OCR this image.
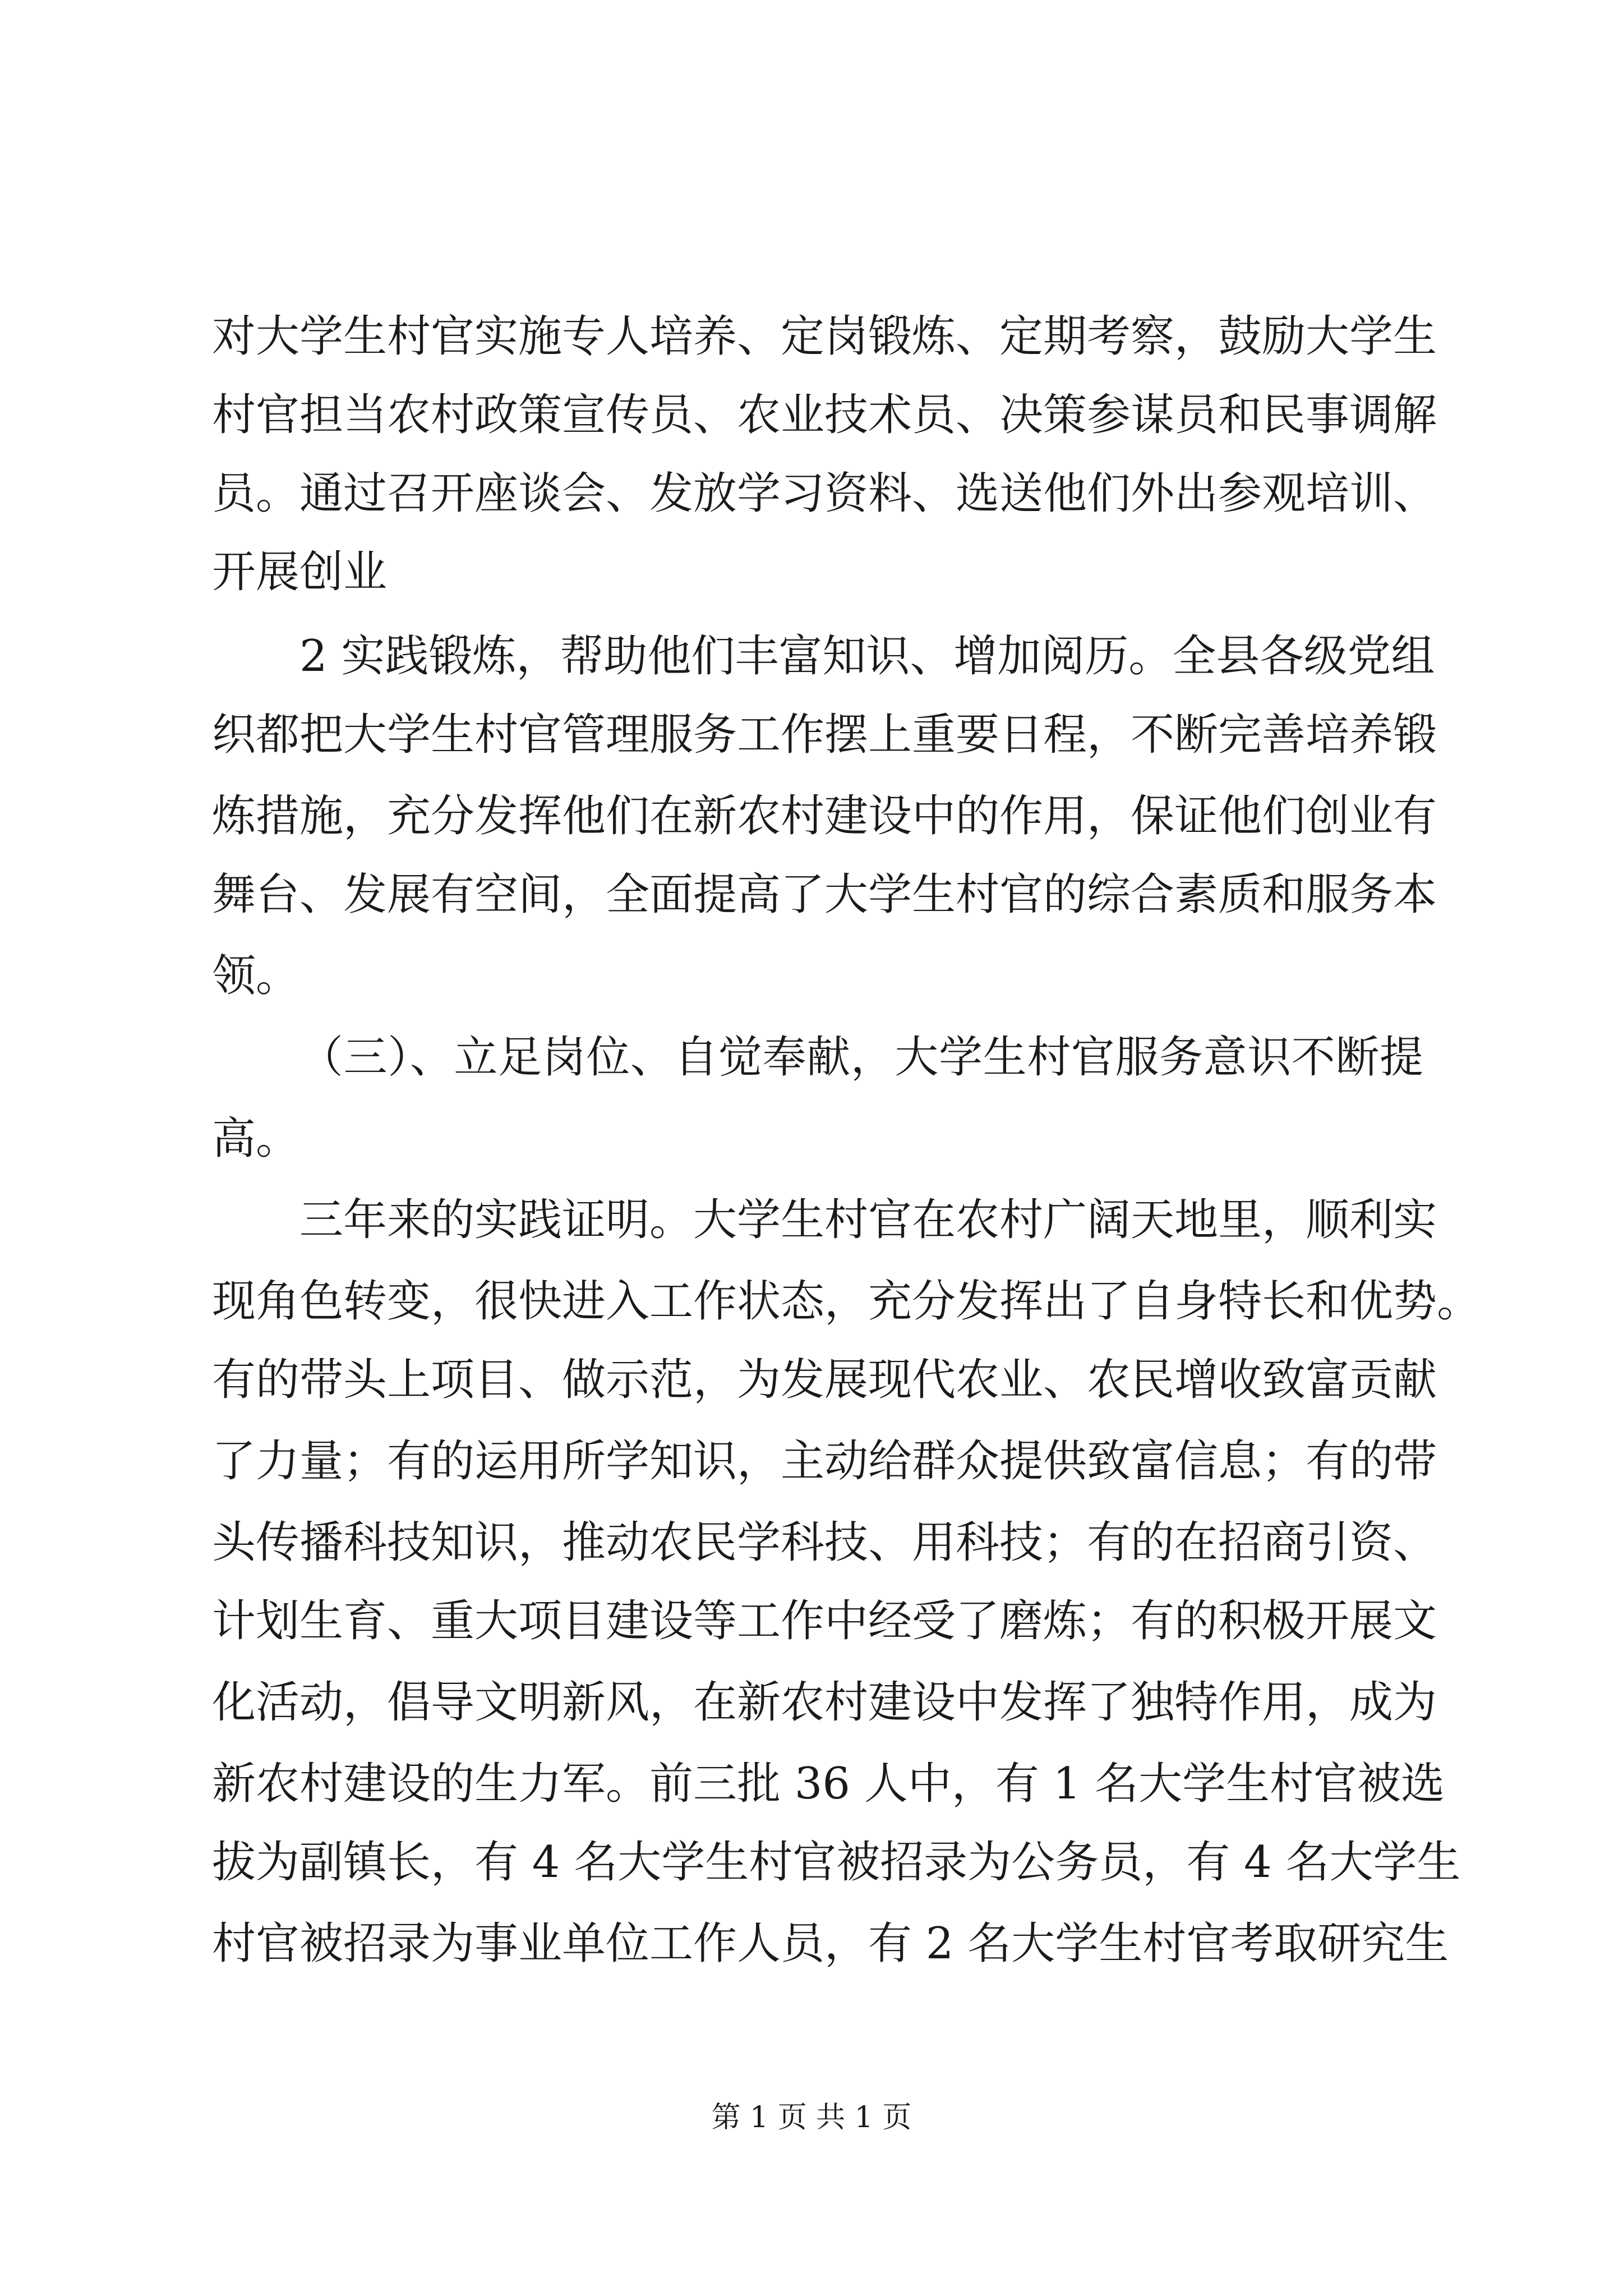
对大学生村官实施专人培养、定岗锻炼、定期考察，鼓励大学生
村官担当农村政策宣传员、农业技术员、决策参谋员和民事调解
员。通过召开座谈会、发放学习资料、选送他们外出参观培训、
开展创业
2 实践锻炼，帮助他们丰富知识、增加阅历。全县各级党组
织都把大学生村官管理服务工作摆上重要日程，不断完善培养锻
炼措施，充分发挥他们在新农村建设中的作用，保证他们创业有
舞台、发展有空间，全面提高了大学生村官的综合素质和服务本
领。
（三）、立足岗位、自觉奉献，大学生村官服务意识不断提
高。
三年来的实践证明。大学生村官在农村广阔天地里，顺利实
现角色转变，很快进入工作状态，充分发挥出了自身特长和优势。
有的带头上项目、做示范，为发展现代农业、农民增收致富贡献
了力量；有的运用所学知识，主动给群众提供致富信息；有的带
头传播科技知识，推动农民学科技、用科技；有的在招商引资、
计划生育、重大项目建设等工作中经受了磨炼；有的积极开展文
化活动，倡导文明新风，在新农村建设中发挥了独特作用，成为
新农村建设的生力军。前三批 36 人中，有 1 名大学生村官被选
拔为副镇长，有 4 名大学生村官被招录为公务员，有 4 名大学生
村官被招录为事业单位工作人员，有 2 名大学生村官考取研究生
第 1 页 共 1 页
